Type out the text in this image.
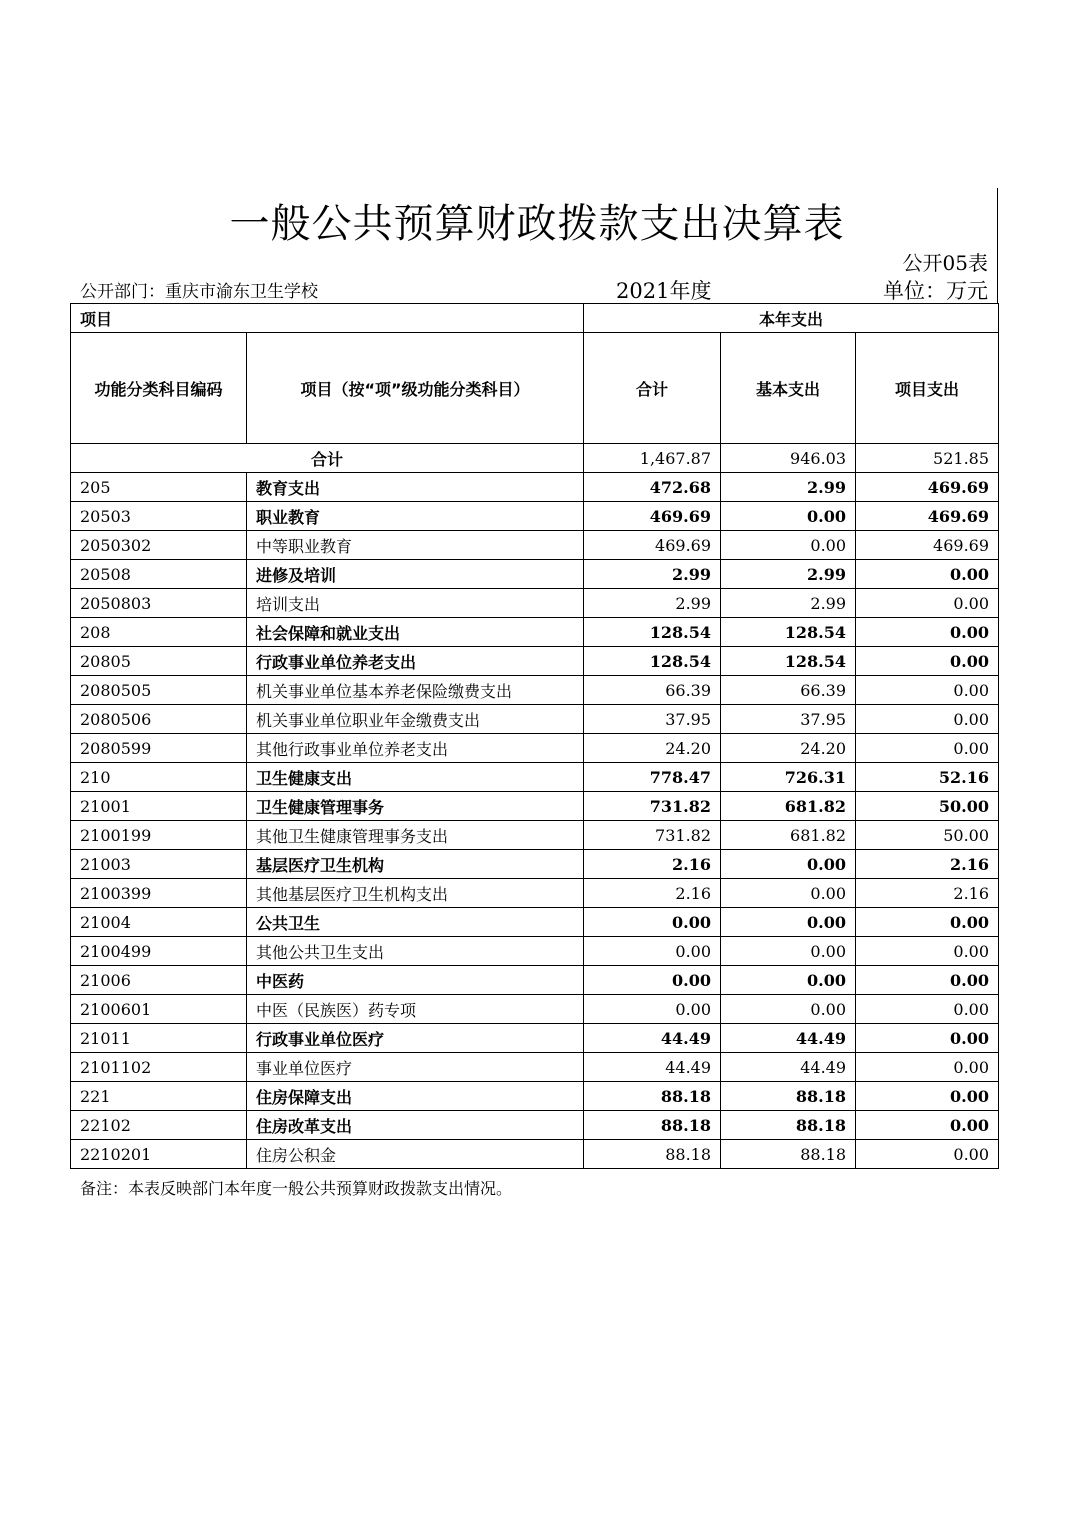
一般公共预算财政拨款支出决算表
公开05表
公开部门：重庆市渝东卫生学校	2021年度	单位：万元
项目		本年支出		
功能分类科目编码	项目（按“项”级功能分类科目）	合计	基本支出	项目支出
合计		1,467.87	946.03	521.85
205	教育支出	472.68	2.99	469.69
20503	职业教育	469.69	0.00	469.69
2050302	中等职业教育	469.69	0.00	469.69
20508	进修及培训	2.99	2.99	0.00
2050803	培训支出	2.99	2.99	0.00
208	社会保障和就业支出	128.54	128.54	0.00
20805	行政事业单位养老支出	128.54	128.54	0.00
2080505	机关事业单位基本养老保险缴费支出	66.39	66.39	0.00
2080506	机关事业单位职业年金缴费支出	37.95	37.95	0.00
2080599	其他行政事业单位养老支出	24.20	24.20	0.00
210	卫生健康支出	778.47	726.31	52.16
21001	卫生健康管理事务	731.82	681.82	50.00
2100199	其他卫生健康管理事务支出	731.82	681.82	50.00
21003	基层医疗卫生机构	2.16	0.00	2.16
2100399	其他基层医疗卫生机构支出	2.16	0.00	2.16
21004	公共卫生	0.00	0.00	0.00
2100499	其他公共卫生支出	0.00	0.00	0.00
21006	中医药	0.00	0.00	0.00
2100601	中医（民族医）药专项	0.00	0.00	0.00
21011	行政事业单位医疗	44.49	44.49	0.00
2101102	事业单位医疗	44.49	44.49	0.00
221	住房保障支出	88.18	88.18	0.00
22102	住房改革支出	88.18	88.18	0.00
2210201	住房公积金	88.18	88.18	0.00
备注：本表反映部门本年度一般公共预算财政拨款支出情况。
